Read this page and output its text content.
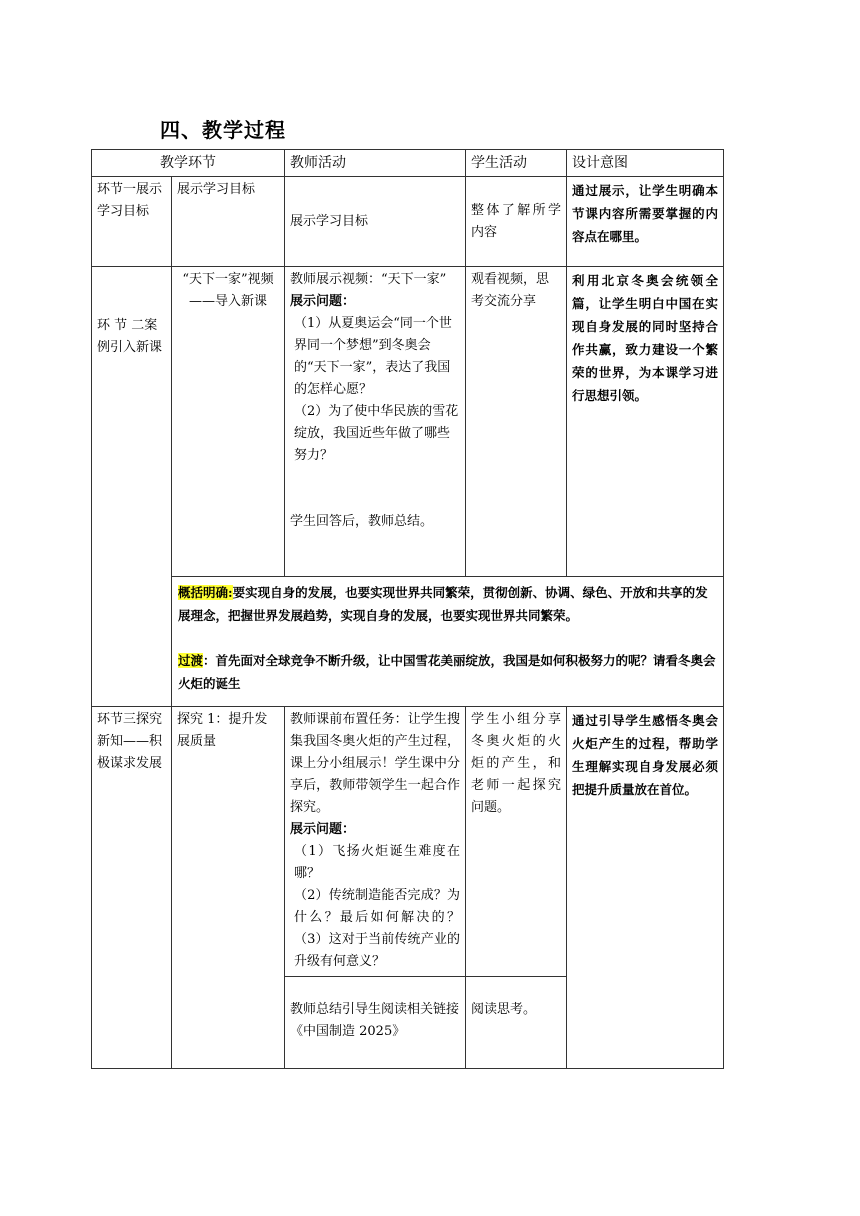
四、教学过程
教学环节		教师活动	学生活动	设计意图
环节一展示学习目标	展示学习目标	展示学习目标	整体了解所学内容	通过展示，让学生明确本节课内容所需要掌握的内容点在哪里。
环 节 二案例引入新课	“天下一家”视频——导入新课	教师展示视频：“天下一家”
展示问题：
（1）从夏奥运会“同一个世界同一个梦想”到冬奥会的“天下一家”，表达了我国的怎样心愿？
（2）为了使中华民族的雪花绽放，我国近些年做了哪些努力？
学生回答后，教师总结。	观看视频，思考交流分享	利用北京冬奥会统领全篇，让学生明白中国在实现自身发展的同时坚持合作共赢，致力建设一个繁荣的世界，为本课学习进行思想引领。

	概括明确:要实现自身的发展，也要实现世界共同繁荣，贯彻创新、协调、绿色、开放和共享的发展理念，把握世界发展趋势，实现自身的发展，也要实现世界共同繁荣。
过渡：首先面对全球竞争不断升级，让中国雪花美丽绽放，我国是如何积极努力的呢？请看冬奥会火炬的诞生			

环节三探究新知——积极谋求发展	探究 1：提升发展质量	教师课前布置任务：让学生搜集我国冬奥火炬的产生过程，课上分小组展示！学生课中分享后，教师带领学生一起合作探究。
展示问题：
（1）飞扬火炬诞生难度在哪？
（2）传统制造能否完成？为什么？最后如何解决的？（3）这对于当前传统产业的升级有何意义？	学生小组分享冬奥火炬的火炬的产生，和老师一起探究问题。	通过引导学生感悟冬奥会火炬产生的过程，帮助学生理解实现自身发展必须把提升质量放在首位。
		教师总结引导生阅读相关链接《中国制造 2025》	阅读思考。	
